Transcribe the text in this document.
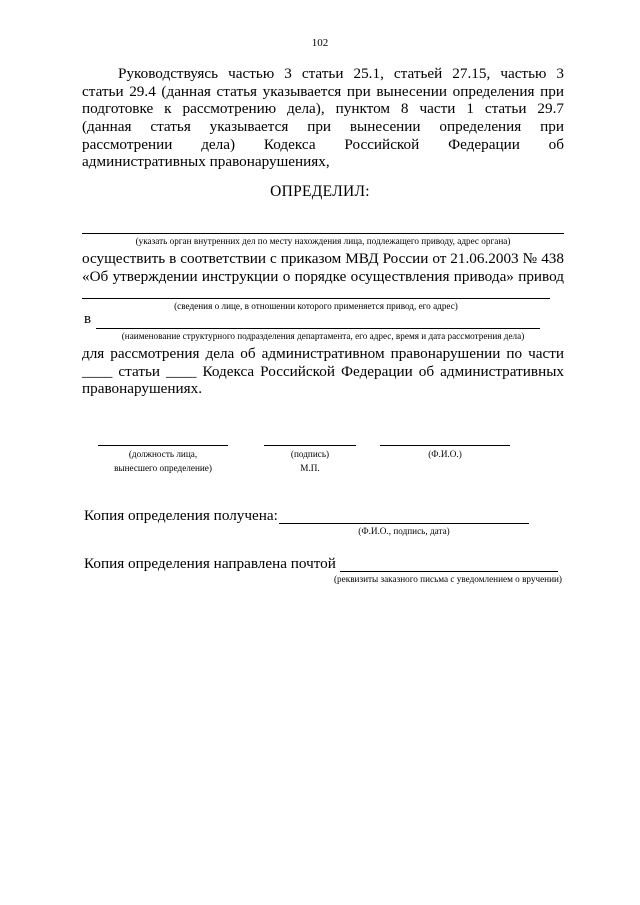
102
Руководствуясь частью 3 статьи 25.1, статьей 27.15, частью 3
статьи 29.4 (данная статья указывается при вынесении определения при
подготовке к рассмотрению дела), пунктом 8 части 1 статьи 29.7
(данная статья указывается при вынесении определения при
рассмотрении дела) Кодекса Российской Федерации об
административных правонарушениях,
ОПРЕДЕЛИЛ:
(указать орган внутренних дел по месту нахождения лица, подлежащего приводу, адрес органа)
осуществить в соответствии с приказом МВД России от 21.06.2003 № 438
«Об утверждении инструкции о порядке осуществления привода» привод
(сведения о лице, в отношении которого применяется привод, его адрес)
в
(наименование структурного подразделения департамента, его адрес, время и дата рассмотрения дела)
для рассмотрения дела об административном правонарушении по части
____ статьи ____ Кодекса Российской Федерации об административных
правонарушениях.
(должность лица,
вынесшего определение)
(подпись)
М.П.
(Ф.И.О.)
Копия определения получена:
(Ф.И.О., подпись, дата)
Копия определения направлена почтой
(реквизиты заказного письма с уведомлением о вручении)
